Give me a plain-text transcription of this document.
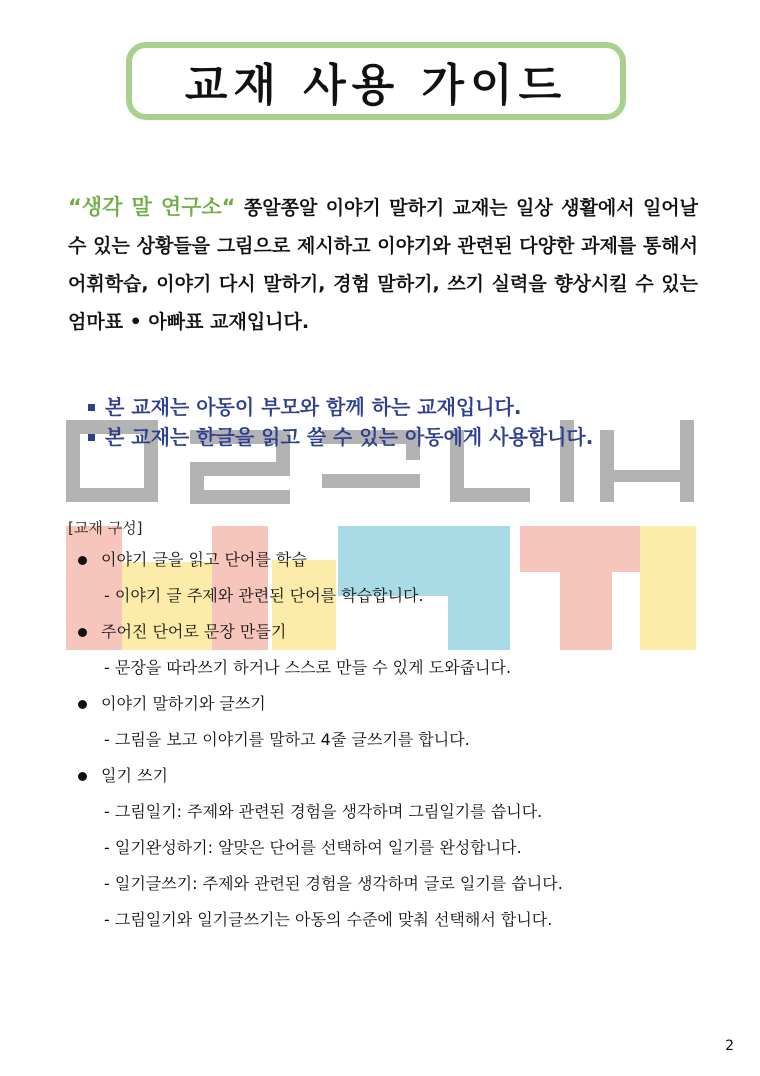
교재 사용 가이드
“생각 말 연구소“ 쫑알쫑알 이야기 말하기 교재는 일상 생활에서 일어날 수 있는 상황들을 그림으로 제시하고 이야기와 관련된 다양한 과제를 통해서 어휘학습, 이야기 다시 말하기, 경험 말하기, 쓰기 실력을 향상시킬 수 있는 엄마표 • 아빠표 교재입니다.
본 교재는 아동이 부모와 함께 하는 교재입니다.
본 교재는 한글을 읽고 쓸 수 있는 아동에게 사용합니다.
[교재 구성]
이야기 글을 읽고 단어를 학습
- 이야기 글 주제와 관련된 단어를 학습합니다.
주어진 단어로 문장 만들기
- 문장을 따라쓰기 하거나 스스로 만들 수 있게 도와줍니다.
이야기 말하기와 글쓰기
- 그림을 보고 이야기를 말하고 4줄 글쓰기를 합니다.
일기 쓰기
- 그림일기: 주제와 관련된 경험을 생각하며 그림일기를 씁니다.
- 일기완성하기: 알맞은 단어를 선택하여 일기를 완성합니다.
- 일기글쓰기: 주제와 관련된 경험을 생각하며 글로 일기를 씁니다.
- 그림일기와 일기글쓰기는 아동의 수준에 맞춰 선택해서 합니다.
2
